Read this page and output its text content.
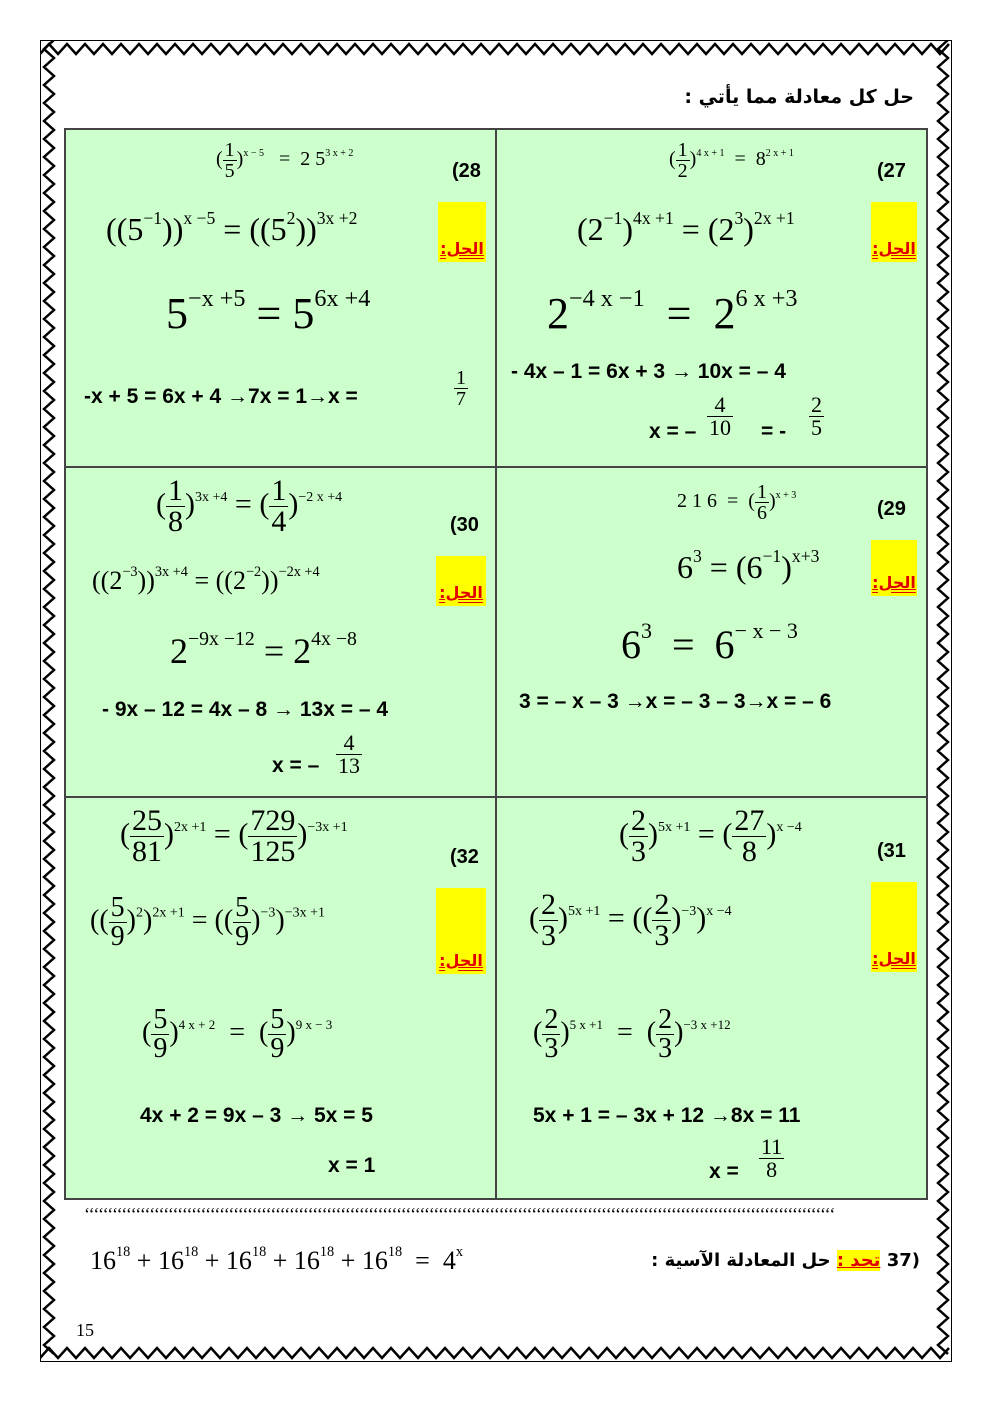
حل كل معادلة مما يأتي :
( $\frac{1}{5} )^{x - 5} = 2$ $5^{3 x + 2}$
(28
الحل:
$((5^{-1}))^{x -5} = ((5^2))^{3x +2}$
$5^{-x +5} = 5^{6x +4}$
-x + 5 = 6x + 4 →7x = 1→x =	$\frac{1}{7}$
( $\frac{1}{2} )^{4 x + 1} = 8^{2 x + 1}$
(27
الحل:
$(2^{-1})^{4x +1} = (2^3)^{2x +1}$
$2^{-4 x -1} = 2^{6 x +3}$
- 4x – 1 = 6x + 3 → 10x = – 4
x = – $\frac{4}{10}$ = - $\frac{2}{5}$
( $\frac{1}{8} )^{3x +4}$ = ( $\frac{1}{4} )^{-2 x +4}$
(30
الحل:
$((2^{-3}))^{3x +4} = ((2^{-2}))^{-2x +4}$
$2^{-9x -12} = 2^{4x -8}$
- 9x – 12 = 4x – 8 → 13x = – 4
x = – $\frac{4}{13}$
2 1 6  =  ( $\frac{1}{6} )^{x + 3}$
(29
الحل:
$6^3 = (6^{-1})^{x+3}$
$6^3 = 6^{- x - 3}$
3 = – x – 3 →x = – 3 – 3→x = – 6
( $\frac{25}{81} )^{2x +1}$ = ( $\frac{729}{125} )^{-3x +1}$
(32
الحل:
(( $\frac{5}{9} )^2)^{2x +1}$ = (( $\frac{5}{9} )^{-3})^{-3x +1}$
( $\frac{5}{9} )^{4 x + 2}$  =  ( $\frac{5}{9} )^{9 x - 3}$
4x + 2 = 9x – 3 → 5x = 5
x = 1
( $\frac{2}{3} )^{5x +1}$ = ( $\frac{27}{8} )^{x -4}$
(31
الحل:
( $\frac{2}{3} )^{5x +1}$ = (( $\frac{2}{3} )^{-3})^{x -4}$
( $\frac{2}{3} )^{5 x +1}$  =  ( $\frac{2}{3} )^{-3 x +12}$
5x + 1 = – 3x + 12 →8x = 11
$x = \frac{11}{8}$
‘‘‘‘‘‘‘‘‘‘‘‘‘‘‘‘‘‘‘‘‘‘‘‘‘‘‘‘‘‘‘‘‘‘‘‘‘‘‘‘‘‘‘‘‘‘‘‘‘‘‘‘‘‘‘‘‘‘‘‘‘‘‘‘‘‘‘‘‘‘‘‘‘‘‘‘‘‘‘‘‘‘‘‘‘‘‘‘‘‘‘‘‘‘‘‘‘‘‘‘‘‘‘‘‘‘‘‘‘‘‘‘‘‘‘‘‘‘‘‘‘‘‘‘‘‘‘‘‘‘‘‘‘‘‘‘‘‘‘‘‘‘‘‘‘‘‘‘‘‘‘‘‘‘‘‘‘‘‘‘‘
$16^{18} + 16^{18} + 16^{18} + 16^{18} + 16^{18} = 4^x$	(37 تحد : حل المعادلة الآسية :
15
